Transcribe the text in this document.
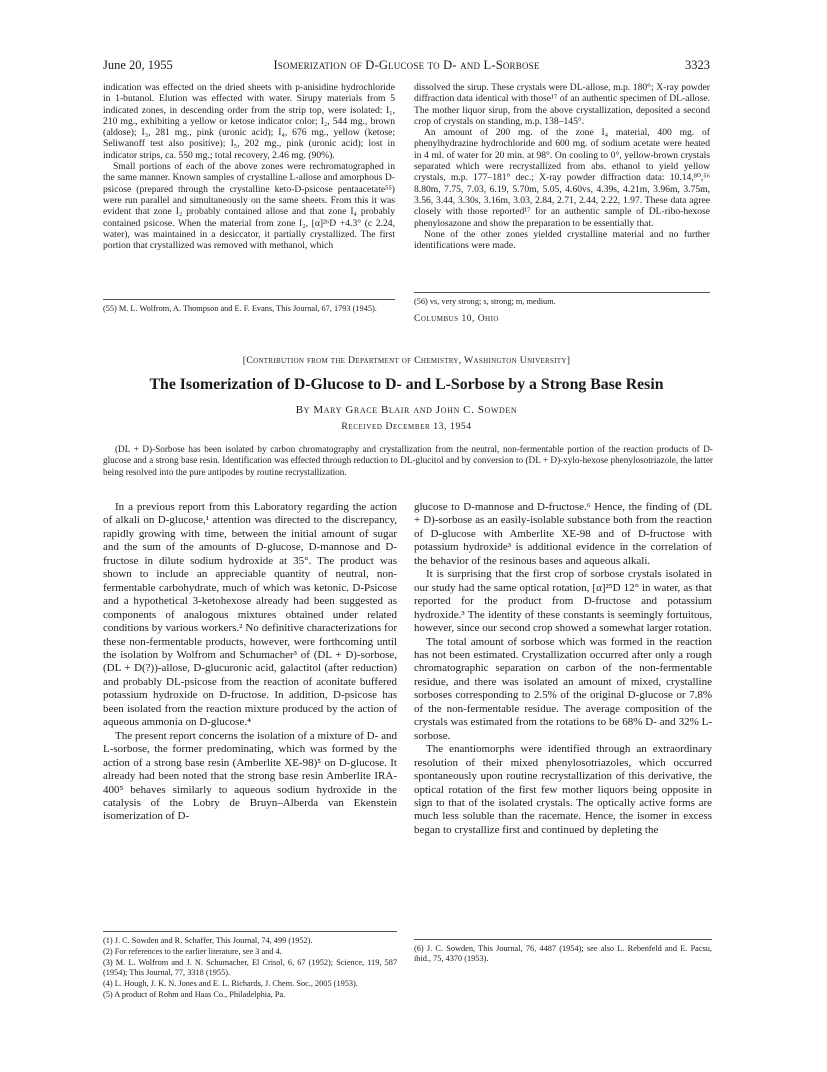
June 20, 1955	Isomerization of D-Glucose to D- and L-Sorbose	3323

indication was effected on the dried sheets with p-anisidine hydrochloride in 1-butanol. Elution was effected with water. Sirupy materials from 5 indicated zones, in descending order from the strip top, were isolated: I₁, 210 mg., exhibiting a yellow or ketose indicator color; I₂, 544 mg., brown (aldose); I₃, 281 mg., pink (uronic acid); I₄, 676 mg., yellow (ketose; Seliwanoff test also positive); I₅, 202 mg., pink (uronic acid); lost in indicator strips, ca. 550 mg.; total recovery, 2.46 mg. (90%).

Small portions of each of the above zones were rechromatographed in the same manner. Known samples of crystalline L-allose and amorphous D-psicose (prepared through the crystalline keto-D-psicose pentaacetate⁵⁵) were run parallel and simultaneously on the same sheets. From this it was evident that zone I₂ probably contained allose and that zone I₄ probably contained psicose. When the material from zone I₂, [α]²⁶D +4.3° (c 2.24, water), was maintained in a desiccator, it partially crystallized. The first portion that crystallized was removed with methanol, which

(55) M. L. Wolfrom, A. Thompson and E. F. Evans, This Journal, 67, 1793 (1945).

dissolved the sirup. These crystals were DL-allose, m.p. 180°; X-ray powder diffraction data identical with those¹⁷ of an authentic specimen of DL-allose. The mother liquor sirup, from the above crystallization, deposited a second crop of crystals on standing, m.p. 138–145°.

An amount of 200 mg. of the zone I₄ material, 400 mg. of phenylhydrazine hydrochloride and 600 mg. of sodium acetate were heated in 4 ml. of water for 20 min. at 98°. On cooling to 0°, yellow-brown crystals separated which were recrystallized from abs. ethanol to yield yellow crystals, m.p. 177–181° dec.; X-ray powder diffraction data: 10.14,⁸⁰,⁵⁶ 8.80m, 7.75, 7.03, 6.19, 5.70m, 5.05, 4.60vs, 4.39s, 4.21m, 3.96m, 3.75m, 3.56, 3.44, 3.30s, 3.16m, 3.03, 2.84, 2.71, 2.44, 2.22, 1.97. These data agree closely with those reported¹⁷ for an authentic sample of DL-ribo-hexose phenylosazone and show the preparation to be essentially that.

None of the other zones yielded crystalline material and no further identifications were made.

(56) vs, very strong; s, strong; m, medium.

Columbus 10, Ohio
[Contribution from the Department of Chemistry, Washington University]
The Isomerization of D-Glucose to D- and L-Sorbose by a Strong Base Resin
By Mary Grace Blair and John C. Sowden
Received December 13, 1954
(DL + D)-Sorbose has been isolated by carbon chromatography and crystallization from the neutral, non-fermentable portion of the reaction products of D-glucose and a strong base resin. Identification was effected through reduction to DL-glucitol and by conversion to (DL + D)-xylo-hexose phenylosotriazole, the latter being resolved into the pure antipodes by routine recrystallization.

In a previous report from this Laboratory regarding the action of alkali on D-glucose,¹ attention was directed to the discrepancy, rapidly growing with time, between the initial amount of sugar and the sum of the amounts of D-glucose, D-mannose and D-fructose in dilute sodium hydroxide at 35°. The product was shown to include an appreciable quantity of neutral, non-fermentable carbohydrate, much of which was ketonic. D-Psicose and a hypothetical 3-ketohexose already had been suggested as components of analogous mixtures obtained under related conditions by various workers.² No definitive characterizations for these non-fermentable products, however, were forthcoming until the isolation by Wolfrom and Schumacher³ of (DL + D)-sorbose, (DL + D(?))-allose, D-glucuronic acid, galactitol (after reduction) and probably DL-psicose from the reaction of aconitate buffered potassium hydroxide on D-fructose. In addition, D-psicose has been isolated from the reaction mixture produced by the action of aqueous ammonia on D-glucose.⁴

The present report concerns the isolation of a mixture of D- and L-sorbose, the former predominating, which was formed by the action of a strong base resin (Amberlite XE-98)⁵ on D-glucose. It already had been noted that the strong base resin Amberlite IRA-400⁵ behaves similarly to aqueous sodium hydroxide in the catalysis of the Lobry de Bruyn–Alberda van Ekenstein isomerization of D-

(1) J. C. Sowden and R. Schaffer, This Journal, 74, 499 (1952).

(2) For references to the earlier literature, see 3 and 4.

(3) M. L. Wolfrom and J. N. Schumacher, El Crisol, 6, 67 (1952); Science, 119, 587 (1954); This Journal, 77, 3318 (1955).

(4) L. Hough, J. K. N. Jones and E. L. Richards, J. Chem. Soc., 2005 (1953).

(5) A product of Rohm and Haas Co., Philadelphia, Pa.

glucose to D-mannose and D-fructose.⁶ Hence, the finding of (DL + D)-sorbose as an easily-isolable substance both from the reaction of D-glucose with Amberlite XE-98 and of D-fructose with potassium hydroxide³ is additional evidence in the correlation of the behavior of the resinous bases and aqueous alkali.

It is surprising that the first crop of sorbose crystals isolated in our study had the same optical rotation, [α]²⁵D 12° in water, as that reported for the product from D-fructose and potassium hydroxide.³ The identity of these constants is seemingly fortuitous, however, since our second crop showed a somewhat larger rotation.

The total amount of sorbose which was formed in the reaction has not been estimated. Crystallization occurred after only a rough chromatographic separation on carbon of the non-fermentable residue, and there was isolated an amount of mixed, crystalline sorboses corresponding to 2.5% of the original D-glucose or 7.8% of the non-fermentable residue. The average composition of the crystals was estimated from the rotations to be 68% D- and 32% L-sorbose.

The enantiomorphs were identified through an extraordinary resolution of their mixed phenylosotriazoles, which occurred spontaneously upon routine recrystallization of this derivative, the optical rotation of the first few mother liquors being opposite in sign to that of the isolated crystals. The optically active forms are much less soluble than the racemate. Hence, the isomer in excess began to crystallize first and continued by depleting the

(6) J. C. Sowden, This Journal, 76, 4487 (1954); see also L. Rebenfeld and E. Pacsu, ibid., 75, 4370 (1953).
